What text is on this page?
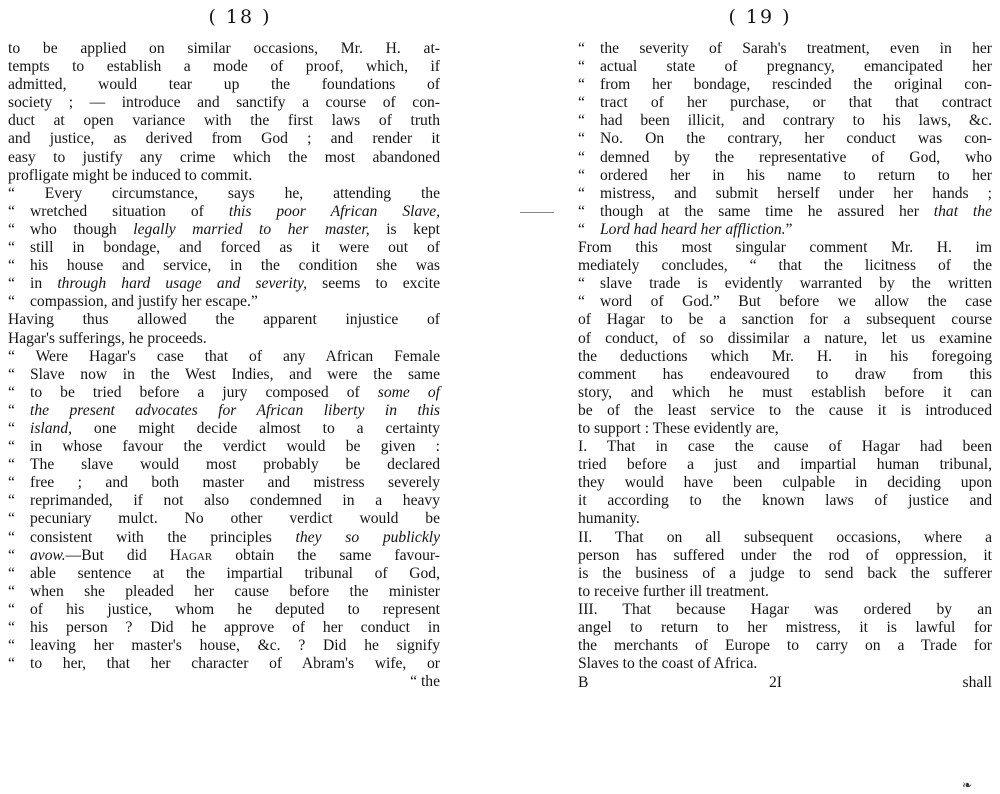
( 18 )
to be applied on similar occasions, Mr. H. at-
tempts to establish a mode of proof, which, if
admitted, would tear up the foundations of
society ; — introduce and sanctify a course of con-
duct at open variance with the first laws of truth
and justice, as derived from God ; and render it
easy to justify any crime which the most abandoned
profligate might be induced to commit.
“ Every circumstance, says he, attending the
“ wretched situation of this poor African Slave,
“ who though legally married to her master, is kept
“ still in bondage, and forced as it were out of
“ his house and service, in the condition she was
“ in through hard usage and severity, seems to excite
“ compassion, and justify her escape.”
Having thus allowed the apparent injustice of
Hagar's sufferings, he proceeds.
“ Were Hagar's case that of any African Female
“ Slave now in the West Indies, and were the same
“ to be tried before a jury composed of some of
“ the present advocates for African liberty in this
“ island, one might decide almost to a certainty
“ in whose favour the verdict would be given :
“ The slave would most probably be declared
“ free ; and both master and mistress severely
“ reprimanded, if not also condemned in a heavy
“ pecuniary mulct. No other verdict would be
“ consistent with the principles they so publickly
“ avow.—But did Hagar obtain the same favour-
“ able sentence at the impartial tribunal of God,
“ when she pleaded her cause before the minister
“ of his justice, whom he deputed to represent
“ his person ? Did he approve of her conduct in
“ leaving her master's house, &c. ? Did he signify
“ to her, that her character of Abram's wife, or
“ the
( 19 )
“ the severity of Sarah's treatment, even in her
“ actual state of pregnancy, emancipated her
“ from her bondage, rescinded the original con-
“ tract of her purchase, or that that contract
“ had been illicit, and contrary to his laws, &c.
“ No. On the contrary, her conduct was con-
“ demned by the representative of God, who
“ ordered her in his name to return to her
“ mistress, and submit herself under her hands ;
“ though at the same time he assured her that the
“ Lord had heard her affliction.”
From this most singular comment Mr. H. im
mediately concludes, “ that the licitness of the
“ slave trade is evidently warranted by the written
“ word of God.” But before we allow the case
of Hagar to be a sanction for a subsequent course
of conduct, of so dissimilar a nature, let us examine
the deductions which Mr. H. in his foregoing
comment has endeavoured to draw from this
story, and which he must establish before it can
be of the least service to the cause it is introduced
to support : These evidently are,
I. That in case the cause of Hagar had been
tried before a just and impartial human tribunal,
they would have been culpable in deciding upon
it according to the known laws of justice and
humanity.
II. That on all subsequent occasions, where a
person has suffered under the rod of oppression, it
is the business of a judge to send back the sufferer
to receive further ill treatment.
III. That because Hagar was ordered by an
angel to return to her mistress, it is lawful for
the merchants of Europe to carry on a Trade for
Slaves to the coast of Africa.
B 2I shall
❧
